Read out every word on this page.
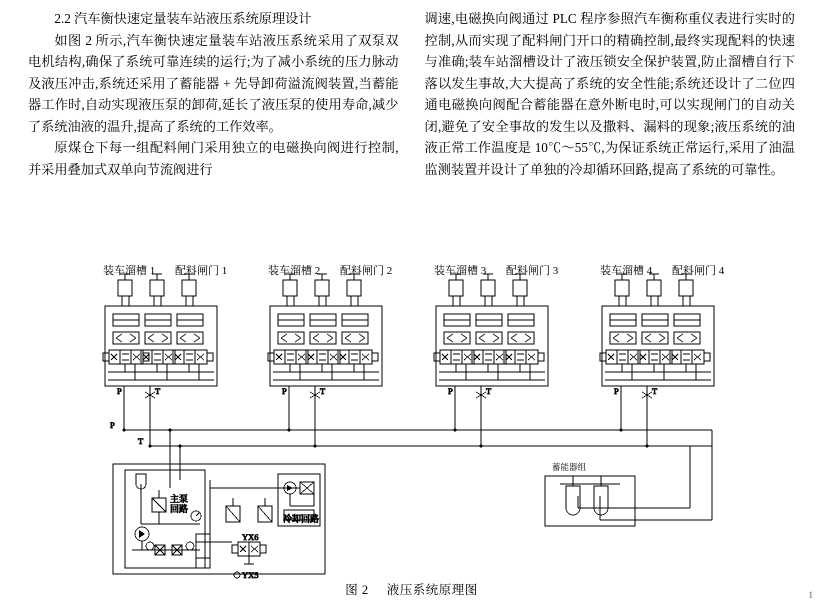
2.2 汽车衡快速定量装车站液压系统原理设计

如图 2 所示,汽车衡快速定量装车站液压系统采用了双泵双电机结构,确保了系统可靠连续的运行;为了减小系统的压力脉动及液压冲击,系统还采用了蓄能器 + 先导卸荷溢流阀装置,当蓄能器工作时,自动实现液压泵的卸荷,延长了液压泵的使用寿命,减少了系统油液的温升,提高了系统的工作效率。

原煤仓下每一组配料闸门采用独立的电磁换向阀进行控制,并采用叠加式双单向节流阀进行

调速,电磁换向阀通过 PLC 程序参照汽车衡称重仪表进行实时的控制,从而实现了配料闸门开口的精确控制,最终实现配料的快速与准确;装车站溜槽设计了液压锁安全保护装置,防止溜槽自行下落以发生事故,大大提高了系统的安全性能;系统还设计了二位四通电磁换向阀配合蓄能器在意外断电时,可以实现闸门的自动关闭,避免了安全事故的发生以及撒料、漏料的现象;液压系统的油液正常工作温度是 10℃～55℃,为保证系统正常运行,采用了油温监测装置并设计了单独的冷却循环回路,提高了系统的可靠性。

装车溜槽 1 配料闸门 1	装车溜槽 2 配料闸门 2	装车溜槽 3 配料闸门 3	装车溜槽 4 配料闸门 4
P	T	P	T	P	T	P	T
P
T
主泵
回路
冷却回路
YX6
YX5
蓄能器组
图 2 液压系统原理图	1
